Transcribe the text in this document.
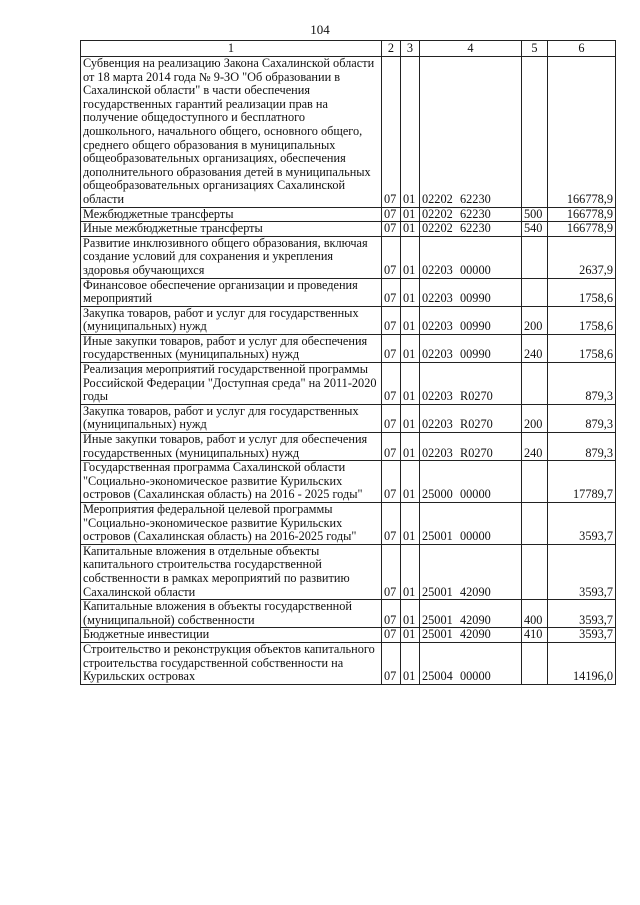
104
1	2	3	4	5	6
Субвенция на реализацию Закона Сахалинской области от 18 марта 2014 года № 9-ЗО "Об образовании в Сахалинской области" в части обеспечения государственных гарантий реализации прав на получение общедоступного и бесплатного дошкольного, начального общего, основного общего, среднего общего образования в муниципальных общеобразовательных организациях, обеспечения дополнительного образования детей в муниципальных общеобразовательных организациях Сахалинской области	07	01	02202 62230		166778,9
Межбюджетные трансферты	07	01	02202 62230	500	166778,9
Иные межбюджетные трансферты	07	01	02202 62230	540	166778,9
Развитие инклюзивного общего образования, включая создание условий для сохранения и укрепления здоровья обучающихся	07	01	02203 00000		2637,9
Финансовое обеспечение организации и проведения мероприятий	07	01	02203 00990		1758,6
Закупка товаров, работ и услуг для государственных (муниципальных) нужд	07	01	02203 00990	200	1758,6
Иные закупки товаров, работ и услуг для обеспечения государственных (муниципальных) нужд	07	01	02203 00990	240	1758,6
Реализация мероприятий государственной программы Российской Федерации "Доступная среда" на 2011-2020 годы	07	01	02203 R0270		879,3
Закупка товаров, работ и услуг для государственных (муниципальных) нужд	07	01	02203 R0270	200	879,3
Иные закупки товаров, работ и услуг для обеспечения государственных (муниципальных) нужд	07	01	02203 R0270	240	879,3
Государственная программа Сахалинской области "Социально-экономическое развитие Курильских островов (Сахалинская область) на 2016 - 2025 годы"	07	01	25000 00000		17789,7
Мероприятия федеральной целевой программы "Социально-экономическое развитие Курильских островов (Сахалинская область) на 2016-2025 годы"	07	01	25001 00000		3593,7
Капитальные вложения в отдельные объекты капитального строительства государственной собственности в рамках мероприятий по развитию Сахалинской области	07	01	25001 42090		3593,7
Капитальные вложения в объекты государственной (муниципальной) собственности	07	01	25001 42090	400	3593,7
Бюджетные инвестиции	07	01	25001 42090	410	3593,7
Строительство и реконструкция объектов капитального строительства государственной собственности на Курильских островах	07	01	25004 00000		14196,0
